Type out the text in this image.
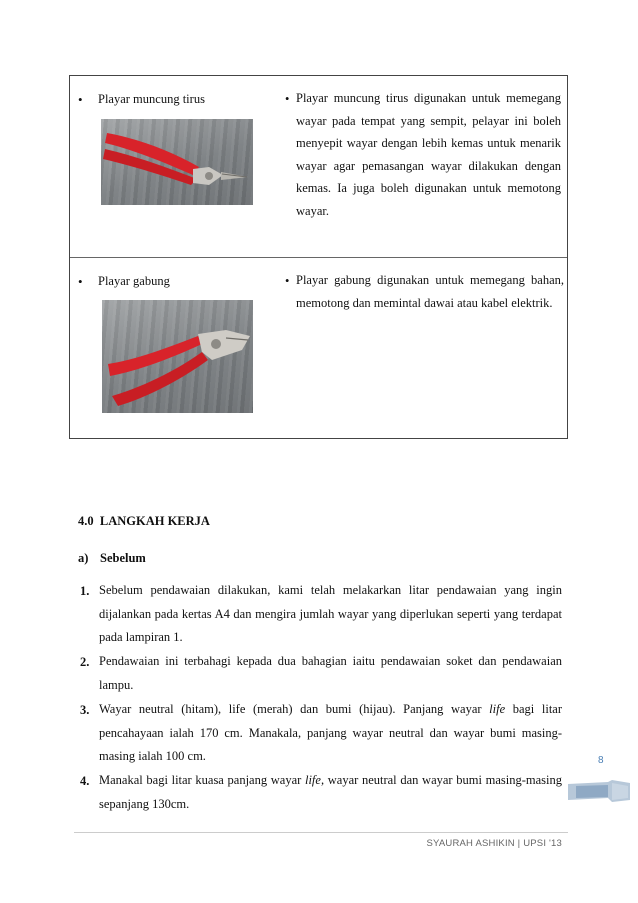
• Playar muncung tirus	• Playar muncung tirus digunakan untuk memegang wayar pada tempat yang sempit, pelayar ini boleh menyepit wayar dengan lebih kemas untuk menarik wayar agar pemasangan wayar dilakukan dengan kemas. Ia juga boleh digunakan untuk memotong wayar.
• Playar gabung	• Playar gabung digunakan untuk memegang bahan, memotong dan memintal dawai atau kabel elektrik.
4.0  LANGKAH KERJA
a) Sebelum
1. Sebelum pendawaian dilakukan, kami telah melakarkan litar pendawaian yang ingin dijalankan pada kertas A4 dan mengira jumlah wayar yang diperlukan seperti yang terdapat pada lampiran 1.
2. Pendawaian ini terbahagi kepada dua bahagian iaitu pendawaian soket dan pendawaian lampu.
3. Wayar neutral (hitam), life (merah) dan bumi (hijau). Panjang wayar life bagi litar pencahayaan ialah 170 cm. Manakala, panjang wayar neutral dan wayar bumi masing-masing ialah 100 cm.
4. Manakal bagi litar kuasa panjang wayar life, wayar neutral dan wayar bumi masing-masing sepanjang 130cm.
8
SYAURAH ASHIKIN | UPSI '13
